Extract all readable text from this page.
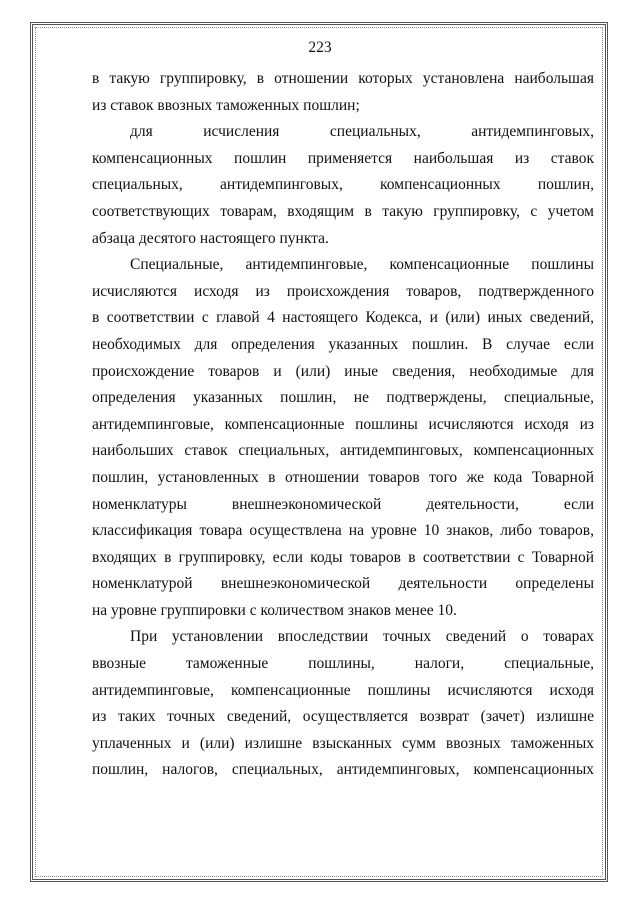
223
в такую группировку, в отношении которых установлена наибольшая
из ставок ввозных таможенных пошлин;
для исчисления специальных, антидемпинговых,
компенсационных пошлин применяется наибольшая из ставок
специальных, антидемпинговых, компенсационных пошлин,
соответствующих товарам, входящим в такую группировку, с учетом
абзаца десятого настоящего пункта.
Специальные, антидемпинговые, компенсационные пошлины
исчисляются исходя из происхождения товаров, подтвержденного
в соответствии с главой 4 настоящего Кодекса, и (или) иных сведений,
необходимых для определения указанных пошлин. В случае если
происхождение товаров и (или) иные сведения, необходимые для
определения указанных пошлин, не подтверждены, специальные,
антидемпинговые, компенсационные пошлины исчисляются исходя из
наибольших ставок специальных, антидемпинговых, компенсационных
пошлин, установленных в отношении товаров того же кода Товарной
номенклатуры внешнеэкономической деятельности, если
классификация товара осуществлена на уровне 10 знаков, либо товаров,
входящих в группировку, если коды товаров в соответствии с Товарной
номенклатурой внешнеэкономической деятельности определены
на уровне группировки с количеством знаков менее 10.
При установлении впоследствии точных сведений о товарах
ввозные таможенные пошлины, налоги, специальные,
антидемпинговые, компенсационные пошлины исчисляются исходя
из таких точных сведений, осуществляется возврат (зачет) излишне
уплаченных и (или) излишне взысканных сумм ввозных таможенных
пошлин, налогов, специальных, антидемпинговых, компенсационных
